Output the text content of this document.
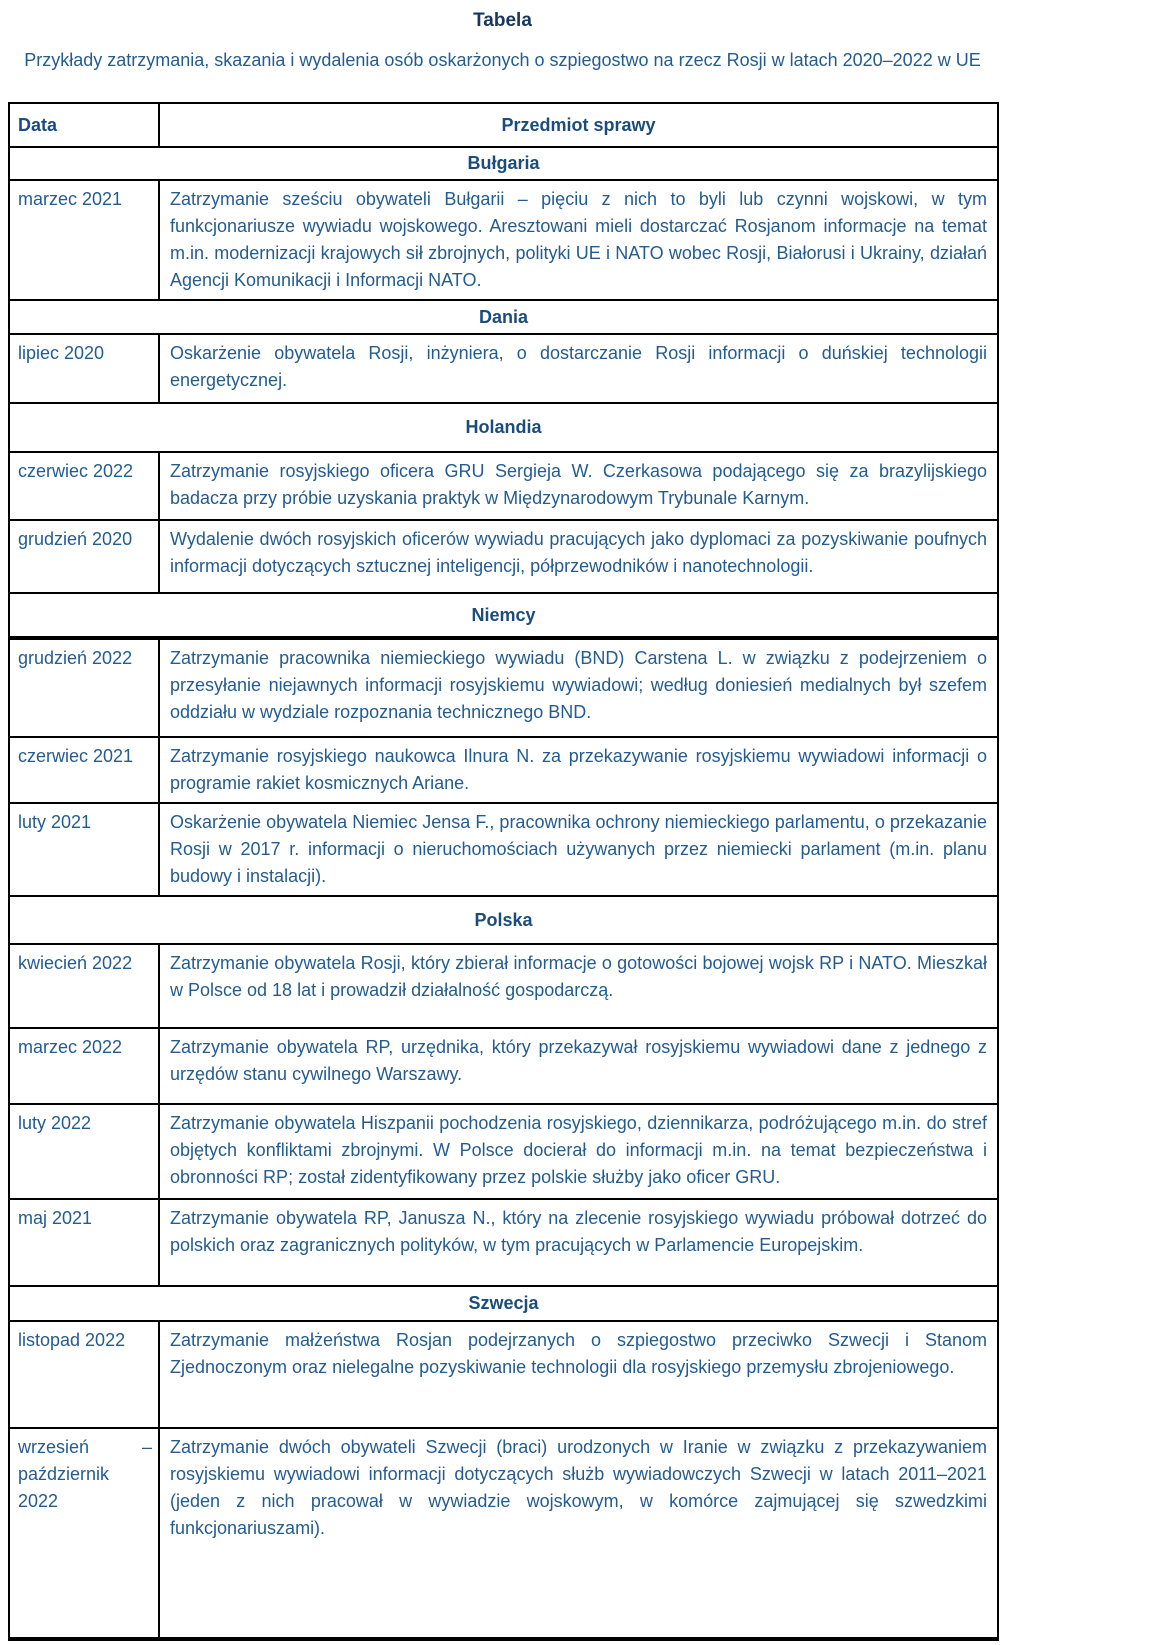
Tabela

Przykłady zatrzymania, skazania i wydalenia osób oskarżonych o szpiegostwo na rzecz Rosji w latach 2020–2022 w UE

Data	Przedmiot sprawy
Bułgaria	
marzec 2021	Zatrzymanie sześciu obywateli Bułgarii – pięciu z nich to byli lub czynni wojskowi, w tym funkcjonariusze wywiadu wojskowego. Aresztowani mieli dostarczać Rosjanom informacje na temat m.in. modernizacji krajowych sił zbrojnych, polityki UE i NATO wobec Rosji, Białorusi i Ukrainy, działań Agencji Komunikacji i Informacji NATO.
Dania	
lipiec 2020	Oskarżenie obywatela Rosji, inżyniera, o dostarczanie Rosji informacji o duńskiej technologii energetycznej.
Holandia	
czerwiec 2022	Zatrzymanie rosyjskiego oficera GRU Sergieja W. Czerkasowa podającego się za brazylijskiego badacza przy próbie uzyskania praktyk w Międzynarodowym Trybunale Karnym.
grudzień 2020	Wydalenie dwóch rosyjskich oficerów wywiadu pracujących jako dyplomaci za pozyskiwanie poufnych informacji dotyczących sztucznej inteligencji, półprzewodników i nanotechnologii.
Niemcy	
grudzień 2022	Zatrzymanie pracownika niemieckiego wywiadu (BND) Carstena L. w związku z podejrzeniem o przesyłanie niejawnych informacji rosyjskiemu wywiadowi; według doniesień medialnych był szefem oddziału w wydziale rozpoznania technicznego BND.
czerwiec 2021	Zatrzymanie rosyjskiego naukowca Ilnura N. za przekazywanie rosyjskiemu wywiadowi informacji o programie rakiet kosmicznych Ariane.
luty 2021	Oskarżenie obywatela Niemiec Jensa F., pracownika ochrony niemieckiego parlamentu, o przekazanie Rosji w 2017 r. informacji o nieruchomościach używanych przez niemiecki parlament (m.in. planu budowy i instalacji).
Polska	
kwiecień 2022	Zatrzymanie obywatela Rosji, który zbierał informacje o gotowości bojowej wojsk RP i NATO. Mieszkał w Polsce od 18 lat i prowadził działalność gospodarczą.
marzec 2022	Zatrzymanie obywatela RP, urzędnika, który przekazywał rosyjskiemu wywiadowi dane z jednego z urzędów stanu cywilnego Warszawy.
luty 2022	Zatrzymanie obywatela Hiszpanii pochodzenia rosyjskiego, dziennikarza, podróżującego m.in. do stref objętych konfliktami zbrojnymi. W Polsce docierał do informacji m.in. na temat bezpieczeństwa i obronności RP; został zidentyfikowany przez polskie służby jako oficer GRU.
maj 2021	Zatrzymanie obywatela RP, Janusza N., który na zlecenie rosyjskiego wywiadu próbował dotrzeć do polskich oraz zagranicznych polityków, w tym pracujących w Parlamencie Europejskim.
Szwecja	
listopad 2022	Zatrzymanie małżeństwa Rosjan podejrzanych o szpiegostwo przeciwko Szwecji i Stanom Zjednoczonym oraz nielegalne pozyskiwanie technologii dla rosyjskiego przemysłu zbrojeniowego.
wrzesień – październik 2022	Zatrzymanie dwóch obywateli Szwecji (braci) urodzonych w Iranie w związku z przekazywaniem rosyjskiemu wywiadowi informacji dotyczących służb wywiadowczych Szwecji w latach 2011–2021 (jeden z nich pracował w wywiadzie wojskowym, w komórce zajmującej się szwedzkimi funkcjonariuszami).
